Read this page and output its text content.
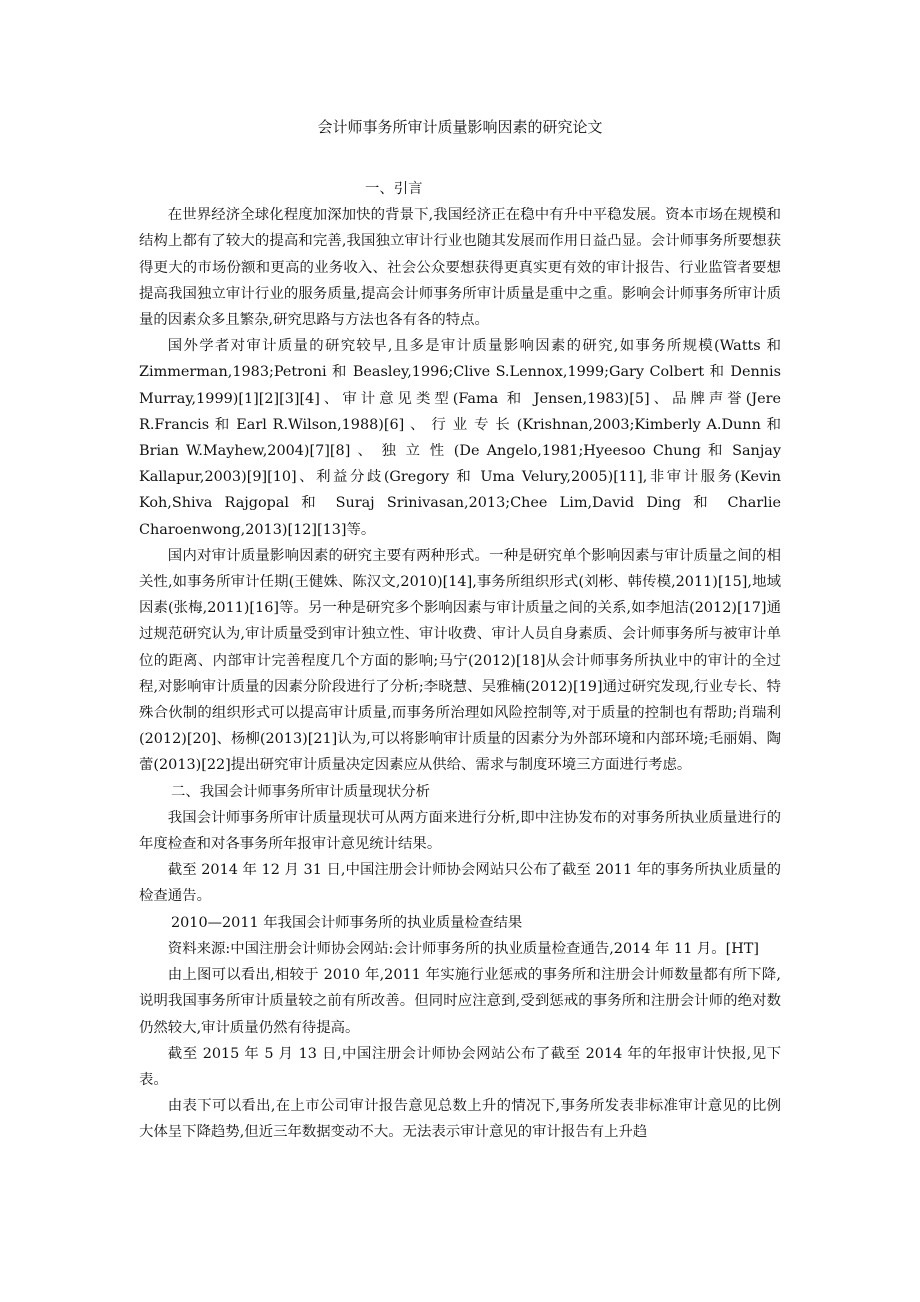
会计师事务所审计质量影响因素的研究论文
一、引言

在世界经济全球化程度加深加快的背景下,我国经济正在稳中有升中平稳发展。资本市场在规模和结构上都有了较大的提高和完善,我国独立审计行业也随其发展而作用日益凸显。会计师事务所要想获得更大的市场份额和更高的业务收入、社会公众要想获得更真实更有效的审计报告、行业监管者要想提高我国独立审计行业的服务质量,提高会计师事务所审计质量是重中之重。影响会计师事务所审计质量的因素众多且繁杂,研究思路与方法也各有各的特点。

国外学者对审计质量的研究较早,且多是审计质量影响因素的研究,如事务所规模(Watts 和 Zimmerman,1983;Petroni 和 Beasley,1996;Clive S.Lennox,1999;Gary Colbert 和 Dennis Murray,1999)[1][2][3][4]、审计意见类型(Fama 和 Jensen,1983)[5]、品牌声誉(Jere R.Francis 和 Earl R.Wilson,1988)[6] 、 行 业 专 长 (Krishnan,2003;Kimberly A.Dunn 和 Brian W.Mayhew,2004)[7][8] 、 独 立 性 (De Angelo,1981;Hyeesoo Chung 和 Sanjay Kallapur,2003)[9][10]、利益分歧(Gregory 和 Uma Velury,2005)[11],非审计服务(Kevin Koh,Shiva Rajgopal 和 Suraj Srinivasan,2013;Chee Lim,David Ding 和 Charlie Charoenwong,2013)[12][13]等。

国内对审计质量影响因素的研究主要有两种形式。一种是研究单个影响因素与审计质量之间的相关性,如事务所审计任期(王健姝、陈汉文,2010)[14],事务所组织形式(刘彬、韩传模,2011)[15],地域因素(张梅,2011)[16]等。另一种是研究多个影响因素与审计质量之间的关系,如李旭洁(2012)[17]通过规范研究认为,审计质量受到审计独立性、审计收费、审计人员自身素质、会计师事务所与被审计单位的距离、内部审计完善程度几个方面的影响;马宁(2012)[18]从会计师事务所执业中的审计的全过程,对影响审计质量的因素分阶段进行了分析;李晓慧、吴雅楠(2012)[19]通过研究发现,行业专长、特殊合伙制的组织形式可以提高审计质量,而事务所治理如风险控制等,对于质量的控制也有帮助;肖瑞利(2012)[20]、杨柳(2013)[21]认为,可以将影响审计质量的因素分为外部环境和内部环境;毛丽娟、陶蕾(2013)[22]提出研究审计质量决定因素应从供给、需求与制度环境三方面进行考虑。

二、我国会计师事务所审计质量现状分析

我国会计师事务所审计质量现状可从两方面来进行分析,即中注协发布的对事务所执业质量进行的年度检查和对各事务所年报审计意见统计结果。

截至 2014 年 12 月 31 日,中国注册会计师协会网站只公布了截至 2011 年的事务所执业质量的检查通告。

2010—2011 年我国会计师事务所的执业质量检查结果

资料来源:中国注册会计师协会网站:会计师事务所的执业质量检查通告,2014 年 11 月。[HT]

由上图可以看出,相较于 2010 年,2011 年实施行业惩戒的事务所和注册会计师数量都有所下降,说明我国事务所审计质量较之前有所改善。但同时应注意到,受到惩戒的事务所和注册会计师的绝对数仍然较大,审计质量仍然有待提高。

截至 2015 年 5 月 13 日,中国注册会计师协会网站公布了截至 2014 年的年报审计快报,见下表。

由表下可以看出,在上市公司审计报告意见总数上升的情况下,事务所发表非标准审计意见的比例大体呈下降趋势,但近三年数据变动不大。无法表示审计意见的审计报告有上升趋
